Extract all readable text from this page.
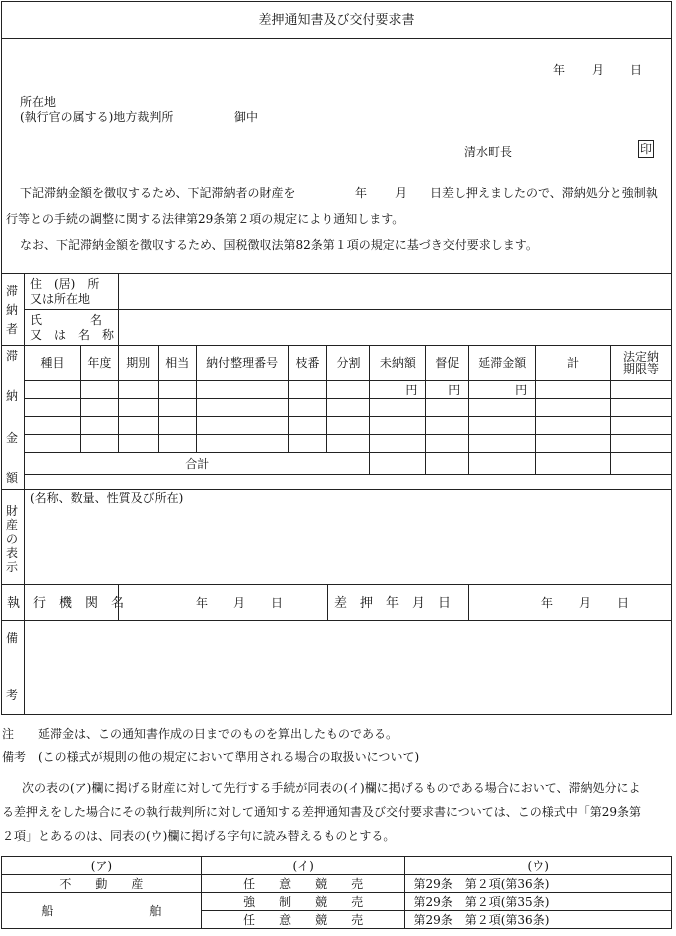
差押通知書及び交付要求書
年 月 日
所在地
(執行官の属する)地方裁判所	御中
清水町長	印
下記滞納金額を徴収するため、下記滞納者の財産を	年 月 日差し押えましたので、滞納処分と強制執
行等との手続の調整に関する法律第29条第２項の規定により通知します。
なお、下記滞納金額を徴収するため、国税徴収法第82条第１項の規定に基づき交付要求します。
滞
納
者
住　(居)　所
又は所在地
氏　　　　名
又　は　名　称
滞
納
金
額
種目	年度	期別	相当	納付整理番号	枝番	分割	未納額	督促	延滞金額	計	法定納
期限等
							円	円	円		

合計											
財
産
の
表
示
(名称、数量、性質及び所在)
執　行　機　関　名	年 月 日	差　押　年　月　日	年 月 日
備
考
注 延滞金は、この通知書作成の日までのものを算出したものである。
備考 (この様式が規則の他の規定において準用される場合の取扱いについて)
次の表の(ア)欄に掲げる財産に対して先行する手続が同表の(イ)欄に掲げるものである場合において、滞納処分によ
る差押えをした場合にその執行裁判所に対して通知する差押通知書及び交付要求書については、この様式中「第29条第
２項」とあるのは、同表の(ウ)欄に掲げる字句に読み替えるものとする。
(ア)	(イ)	(ウ)
不　　動　　産	任　　意　　競　　売	第29条　第２項(第36条)
船　　　　　　　　舶	強　　制　　競　　売	第29条　第２項(第35条)
	任　　意　　競　　売	第29条　第２項(第36条)
